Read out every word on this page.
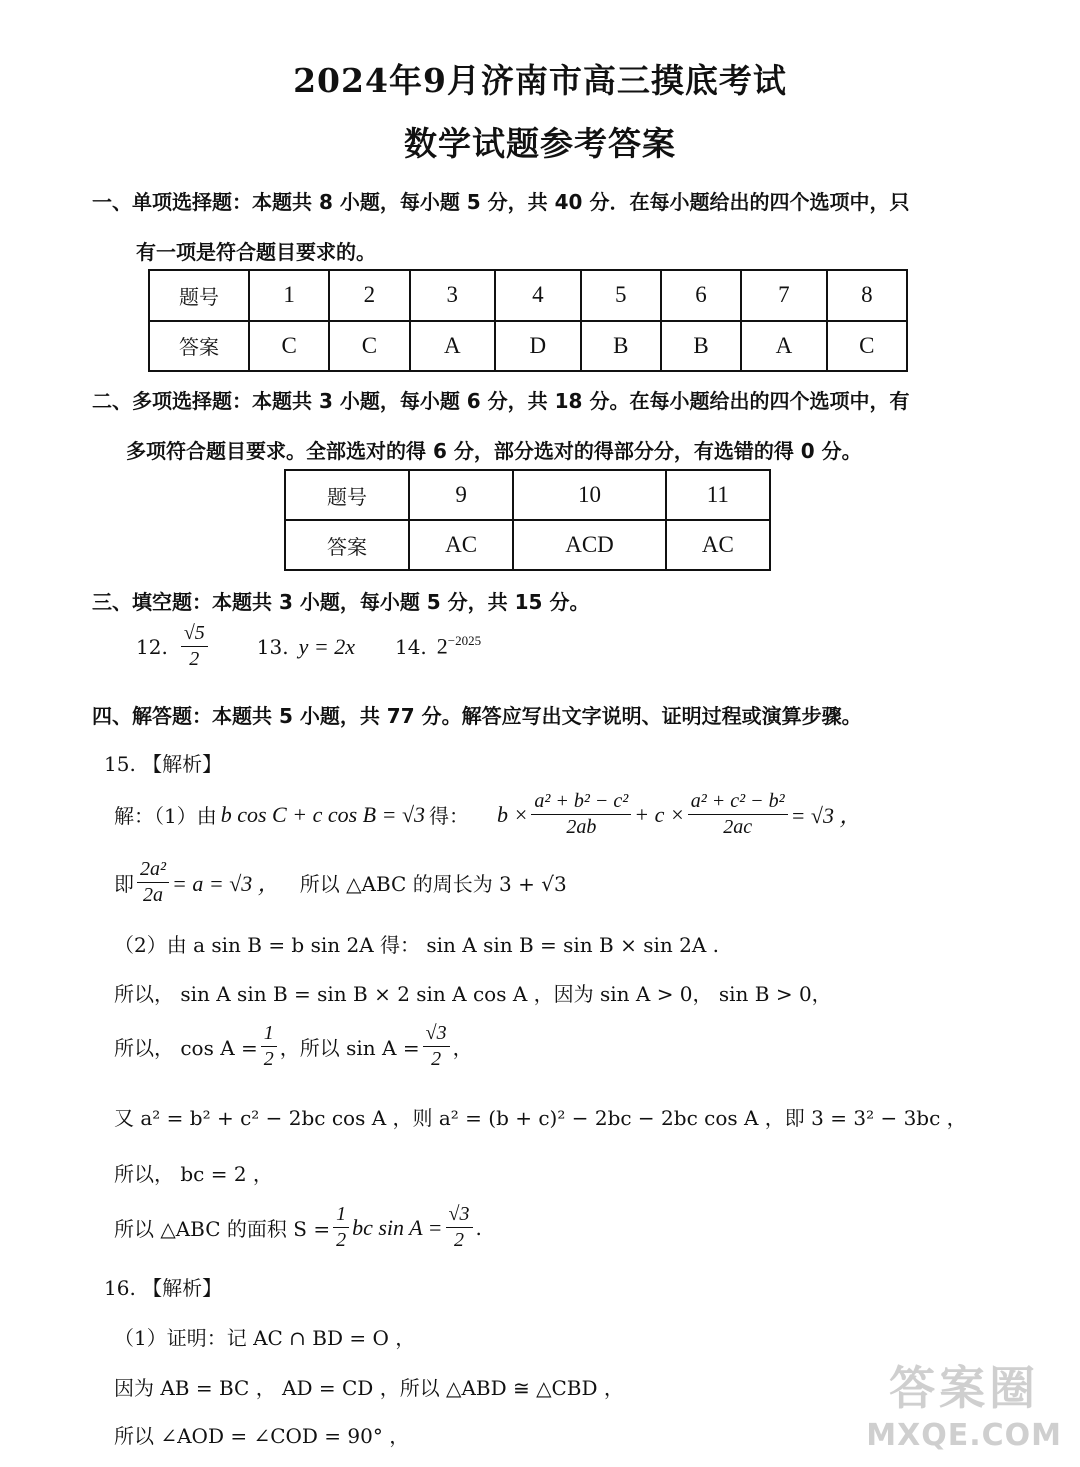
2024年9月济南市高三摸底考试
数学试题参考答案
一、单项选择题：本题共 8 小题，每小题 5 分，共 40 分．在每小题给出的四个选项中，只
有一项是符合题目要求的。
题号	1	2	3	4	5	6	7	8
答案	C	C	A	D	B	B	A	C
二、多项选择题：本题共 3 小题，每小题 6 分，共 18 分。在每小题给出的四个选项中，有
多项符合题目要求。全部选对的得 6 分，部分选对的得部分分，有选错的得 0 分。
题号	9	10	11
答案	AC	ACD	AC
三、填空题：本题共 3 小题，每小题 5 分，共 15 分。
12. $\frac{√5}{2} 13$. y = 2x 14. $2^{-2025}$
四、解答题：本题共 5 小题，共 77 分。解答应写出文字说明、证明过程或演算步骤。
15. 【解析】
解：（1）由 b cos C + c cos B = √3 得： $b \times \frac{\text{a² + b² − c²}}{2ab} + c \times \frac{\text{a² + c² − b²}}{2ac} = √3$ ，
即 $\frac{\text{2a²}}{2a} = a = √3$ ， 所以 △ABC 的周长为 3 + √3
（2）由 a sin B = b sin 2A 得： sin A sin B = sin B × sin 2A .
所以， sin A sin B = sin B × 2 sin A cos A ，因为 sin A > 0， sin B > 0，
所以， $\cos A = \frac{1}{2}$ ，所以 $\sin A = \frac{√3}{2}$ ，
又 a² = b² + c² − 2bc cos A ，则 a² = (b + c)² − 2bc − 2bc cos A ，即 3 = 3² − 3bc ，
所以， bc = 2 ，
所以 △ABC 的面积 $S = \frac{1}{2}$ bc $\sin A = \frac{√3}{2}$ .
16. 【解析】
（1）证明：记 AC ∩ BD = O ，
因为 AB = BC ， AD = CD ，所以 △ABD ≅ △CBD ，
所以 ∠AOD = ∠COD = 90° ，
答案圈
MXQE.COM
